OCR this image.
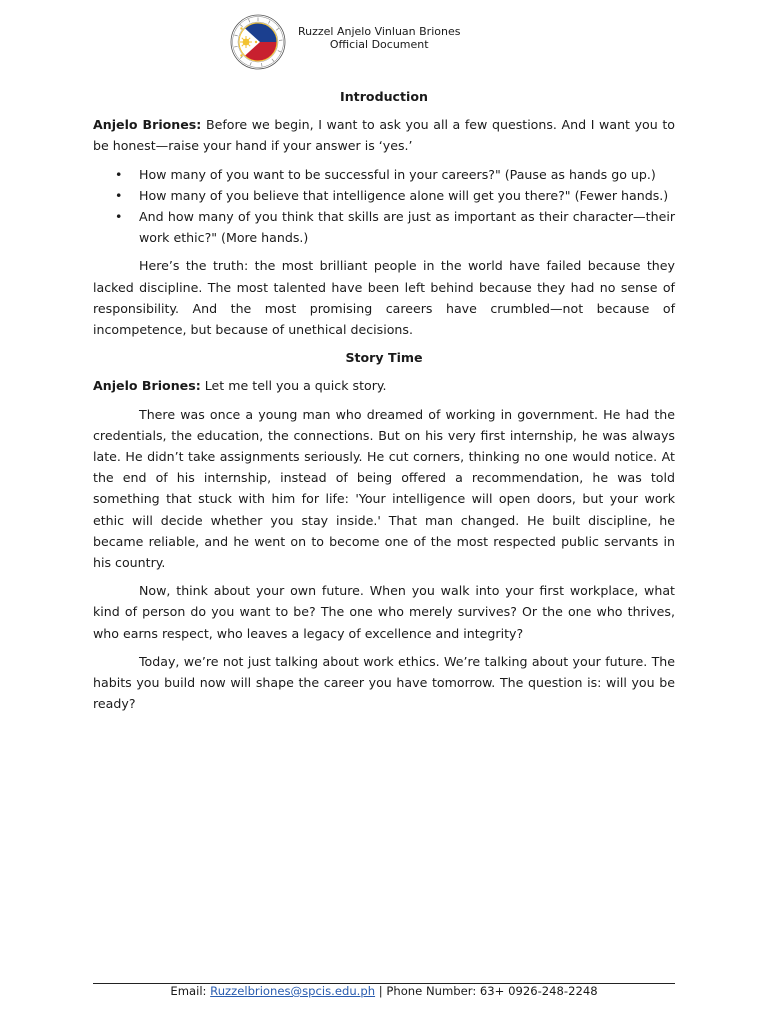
Ruzzel Anjelo Vinluan Briones
Official Document
Introduction

Anjelo Briones: Before we begin, I want to ask you all a few questions. And I want you to be honest—raise your hand if your answer is ‘yes.’

• How many of you want to be successful in your careers?" (Pause as hands go up.)
• How many of you believe that intelligence alone will get you there?" (Fewer hands.)
• And how many of you think that skills are just as important as their character—their work ethic?" (More hands.)

Here’s the truth: the most brilliant people in the world have failed because they lacked discipline. The most talented have been left behind because they had no sense of responsibility. And the most promising careers have crumbled—not because of incompetence, but because of unethical decisions.

Story Time

Anjelo Briones: Let me tell you a quick story.

There was once a young man who dreamed of working in government. He had the credentials, the education, the connections. But on his very first internship, he was always late. He didn’t take assignments seriously. He cut corners, thinking no one would notice. At the end of his internship, instead of being offered a recommendation, he was told something that stuck with him for life: 'Your intelligence will open doors, but your work ethic will decide whether you stay inside.' That man changed. He built discipline, he became reliable, and he went on to become one of the most respected public servants in his country.

Now, think about your own future. When you walk into your first workplace, what kind of person do you want to be? The one who merely survives? Or the one who thrives, who earns respect, who leaves a legacy of excellence and integrity?

Today, we’re not just talking about work ethics. We’re talking about your future. The habits you build now will shape the career you have tomorrow. The question is: will you be ready?

Email: Ruzzelbriones@spcis.edu.ph | Phone Number: 63+ 0926-248-2248
